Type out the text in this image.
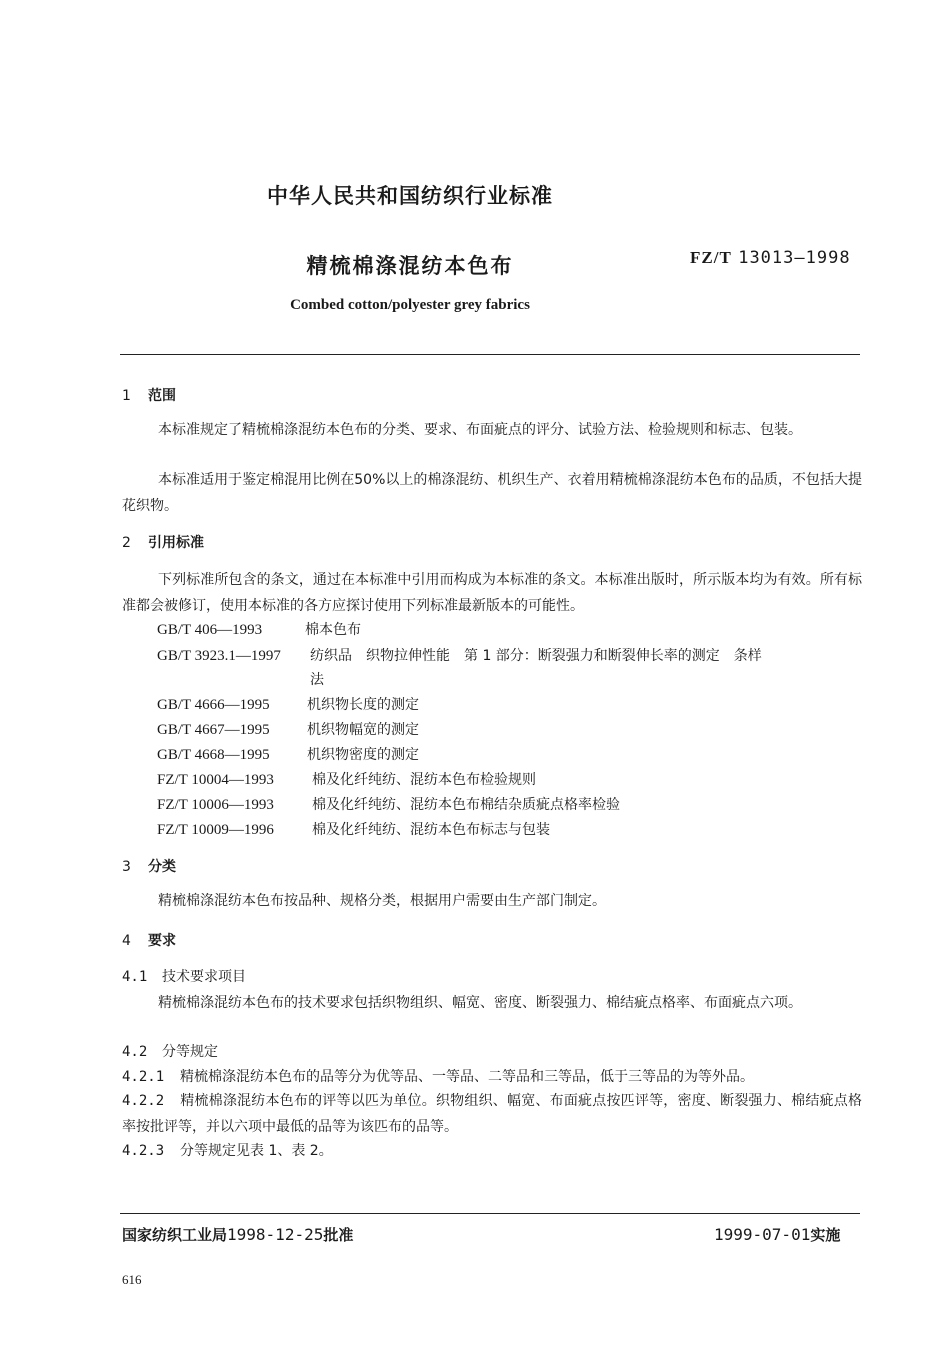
中华人民共和国纺织行业标准
精梳棉涤混纺本色布	FZ/T 13013—1998
Combed cotton/polyester grey fabrics
1 范围
本标准规定了精梳棉涤混纺本色布的分类、要求、布面疵点的评分、试验方法、检验规则和标志、包装。
本标准适用于鉴定棉混用比例在50%以上的棉涤混纺、机织生产、衣着用精梳棉涤混纺本色布的品质，不包括大提花织物。
2 引用标准
下列标准所包含的条文，通过在本标准中引用而构成为本标准的条文。本标准出版时，所示版本均为有效。所有标准都会被修订，使用本标准的各方应探讨使用下列标准最新版本的可能性。
GB/T 406—1993	棉本色布
GB/T 3923.1—1997 纺织品　织物拉伸性能　第 1 部分：断裂强力和断裂伸长率的测定　条样
法
GB/T 4666—1995	机织物长度的测定
GB/T 4667—1995	机织物幅宽的测定
GB/T 4668—1995	机织物密度的测定
FZ/T 10004—1993	棉及化纤纯纺、混纺本色布检验规则
FZ/T 10006—1993	棉及化纤纯纺、混纺本色布棉结杂质疵点格率检验
FZ/T 10009—1996	棉及化纤纯纺、混纺本色布标志与包装
3 分类
精梳棉涤混纺本色布按品种、规格分类，根据用户需要由生产部门制定。
4 要求
4.1 技术要求项目
精梳棉涤混纺本色布的技术要求包括织物组织、幅宽、密度、断裂强力、棉结疵点格率、布面疵点六项。
4.2 分等规定
4.2.1 精梳棉涤混纺本色布的品等分为优等品、一等品、二等品和三等品，低于三等品的为等外品。
4.2.2 精梳棉涤混纺本色布的评等以匹为单位。织物组织、幅宽、布面疵点按匹评等，密度、断裂强力、棉结疵点格率按批评等，并以六项中最低的品等为该匹布的品等。
4.2.3 分等规定见表 1、表 2。
国家纺织工业局1998-12-25批准	1999-07-01实施
616
